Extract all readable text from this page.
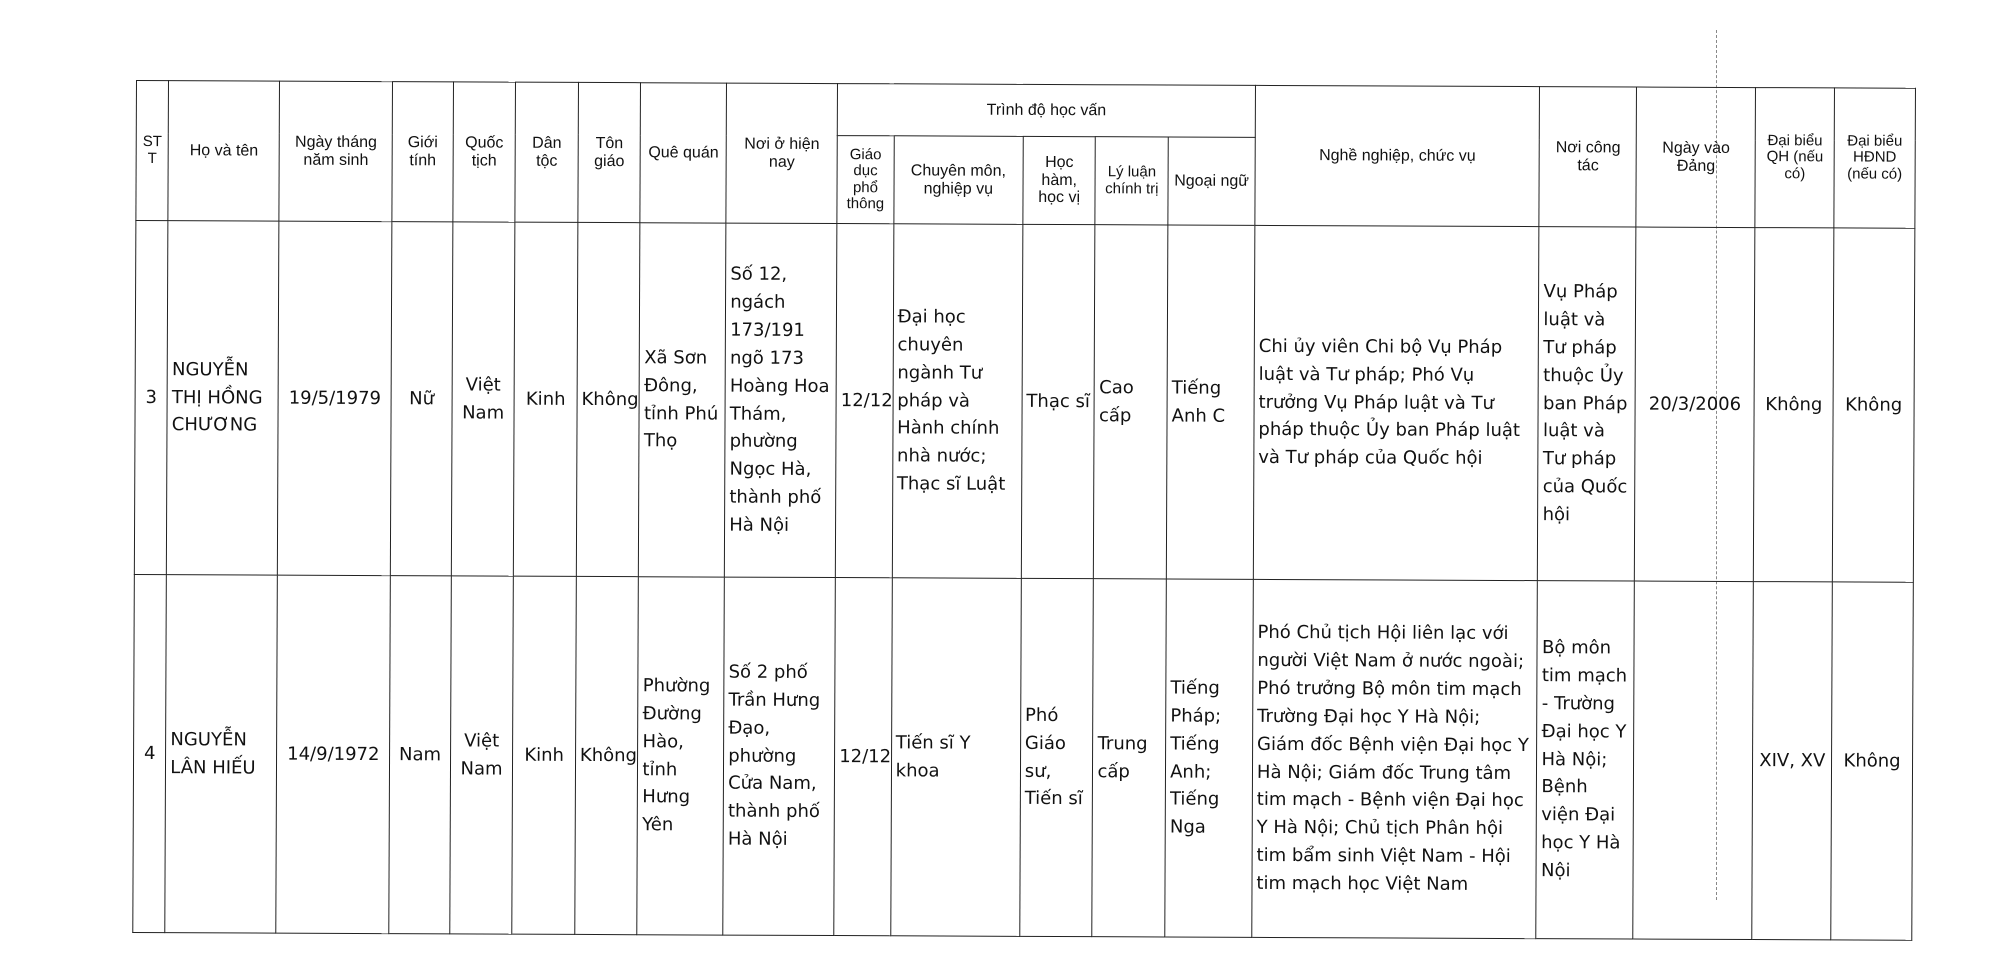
ST T	Họ và tên	Ngày tháng năm sinh	Giới tính	Quốc tịch	Dân tộc	Tôn giáo	Quê quán	Nơi ở hiện nay	Trình độ học vấn					Nghề nghiệp, chức vụ	Nơi công tác	Ngày vào Đảng	Đại biểu QH (nếu có)	Đại biểu HĐND (nếu có)
									Giáo dục phổ thông	Chuyên môn, nghiệp vụ	Học hàm, học vị	Lý luận chính trị	Ngoại ngữ					
3	NGUYỄN THỊ HỒNG CHƯƠNG	19/5/1979	Nữ	Việt Nam	Kinh	Không	Xã Sơn Đông, tỉnh Phú Thọ	Số 12, ngách 173/191 ngõ 173 Hoàng Hoa Thám, phường Ngọc Hà, thành phố Hà Nội	12/12	Đại học chuyên ngành Tư pháp và Hành chính nhà nước; Thạc sĩ Luật	Thạc sĩ	Cao cấp	Tiếng Anh C	Chi ủy viên Chi bộ Vụ Pháp luật và Tư pháp; Phó Vụ trưởng Vụ Pháp luật và Tư pháp thuộc Ủy ban Pháp luật và Tư pháp của Quốc hội	Vụ Pháp luật và Tư pháp thuộc Ủy ban Pháp luật và Tư pháp của Quốc hội	20/3/2006	Không	Không
4	NGUYỄN LÂN HIẾU	14/9/1972	Nam	Việt Nam	Kinh	Không	Phường Đường Hào, tỉnh Hưng Yên	Số 2 phố Trần Hưng Đạo, phường Cửa Nam, thành phố Hà Nội	12/12	Tiến sĩ Y khoa	Phó Giáo sư, Tiến sĩ	Trung cấp	Tiếng Pháp; Tiếng Anh; Tiếng Nga	Phó Chủ tịch Hội liên lạc với người Việt Nam ở nước ngoài; Phó trưởng Bộ môn tim mạch Trường Đại học Y Hà Nội; Giám đốc Bệnh viện Đại học Y Hà Nội; Giám đốc Trung tâm tim mạch - Bệnh viện Đại học Y Hà Nội; Chủ tịch Phân hội tim bẩm sinh Việt Nam - Hội tim mạch học Việt Nam	Bộ môn tim mạch - Trường Đại học Y Hà Nội; Bệnh viện Đại học Y Hà Nội		XIV, XV	Không
